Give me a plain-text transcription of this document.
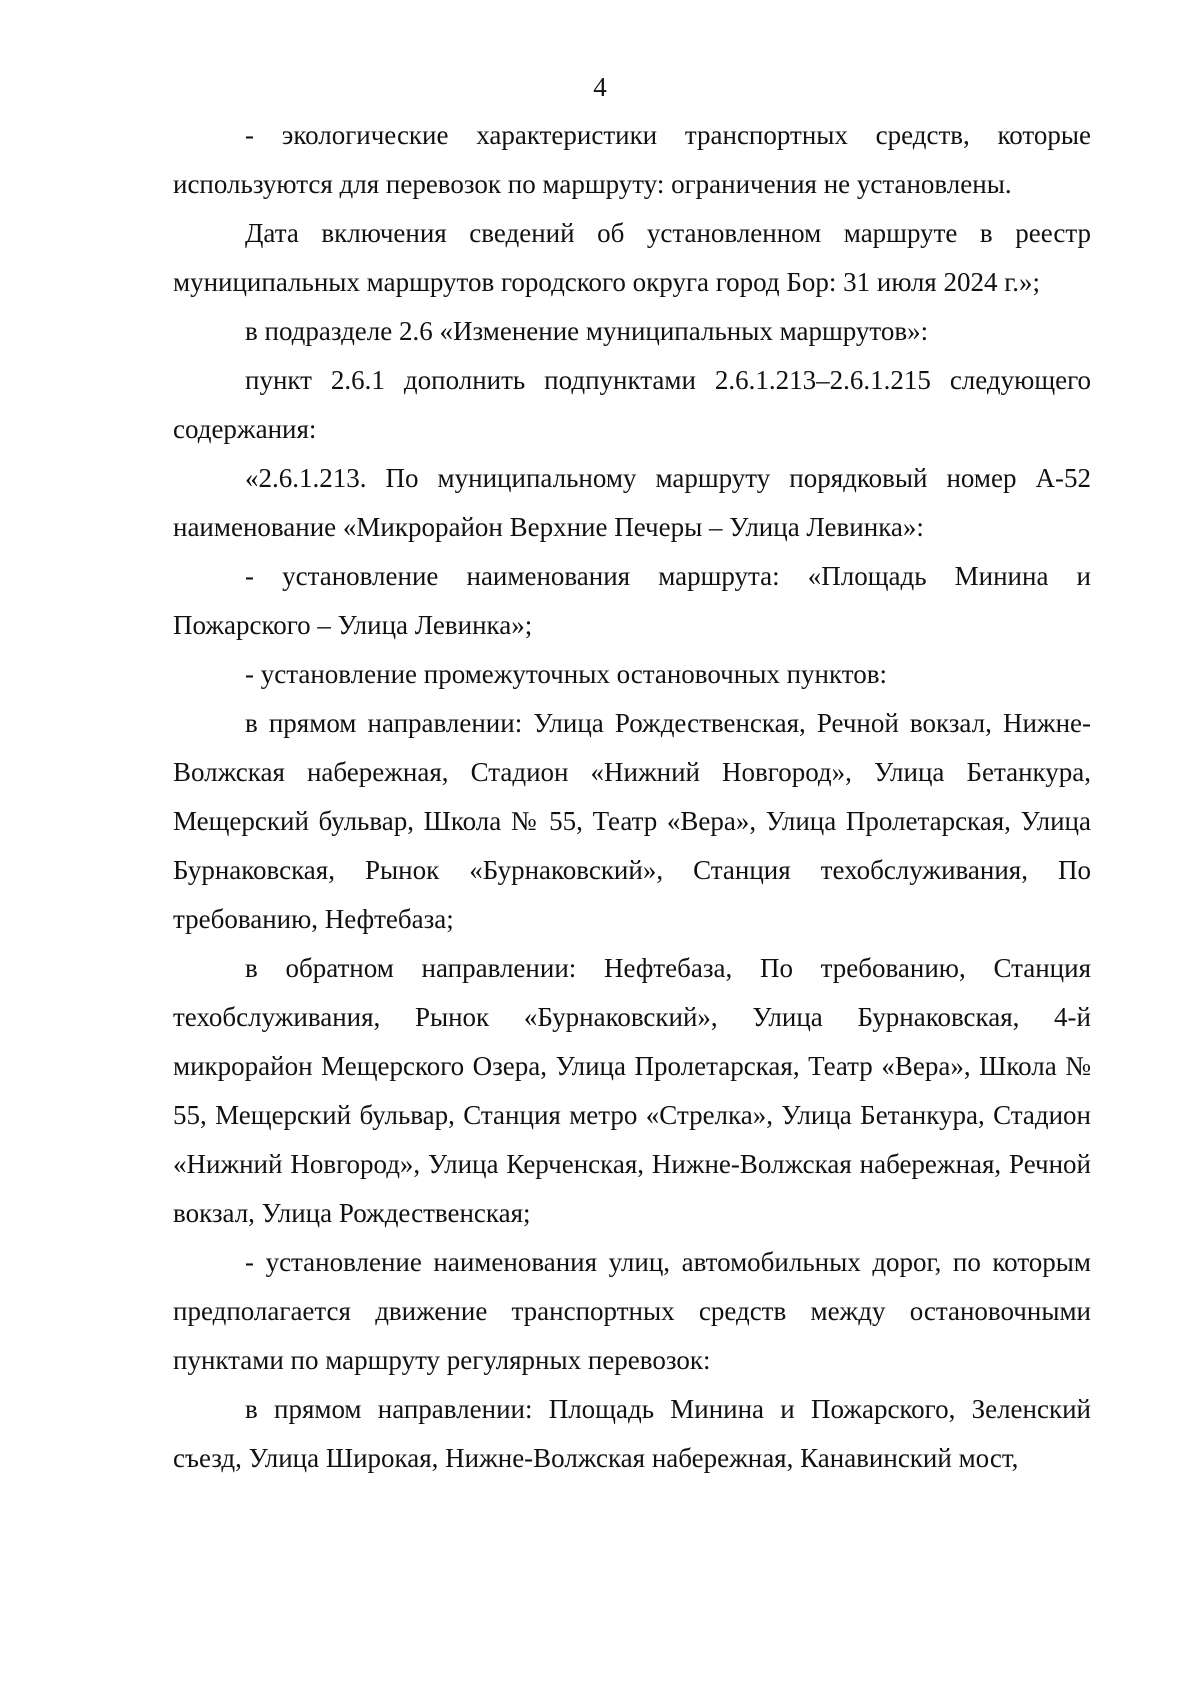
4

- экологические характеристики транспортных средств, которые используются для перевозок по маршруту: ограничения не установлены.

Дата включения сведений об установленном маршруте в реестр муниципальных маршрутов городского округа город Бор: 31 июля 2024 г.»;

в подразделе 2.6 «Изменение муниципальных маршрутов»:

пункт 2.6.1 дополнить подпунктами 2.6.1.213–2.6.1.215 следующего содержания:

«2.6.1.213. По муниципальному маршруту порядковый номер А-52 наименование «Микрорайон Верхние Печеры – Улица Левинка»:

- установление наименования маршрута: «Площадь Минина и Пожарского – Улица Левинка»;

- установление промежуточных остановочных пунктов:

в прямом направлении: Улица Рождественская, Речной вокзал, Нижне-Волжская набережная, Стадион «Нижний Новгород», Улица Бетанкура, Мещерский бульвар, Школа № 55, Театр «Вера», Улица Пролетарская, Улица Бурнаковская, Рынок «Бурнаковский», Станция техобслуживания, По требованию, Нефтебаза;

в обратном направлении: Нефтебаза, По требованию, Станция техобслуживания, Рынок «Бурнаковский», Улица Бурнаковская, 4-й микрорайон Мещерского Озера, Улица Пролетарская, Театр «Вера», Школа № 55, Мещерский бульвар, Станция метро «Стрелка», Улица Бетанкура, Стадион «Нижний Новгород», Улица Керченская, Нижне-Волжская набережная, Речной вокзал, Улица Рождественская;

- установление наименования улиц, автомобильных дорог, по которым предполагается движение транспортных средств между остановочными пунктами по маршруту регулярных перевозок:

в прямом направлении: Площадь Минина и Пожарского, Зеленский съезд, Улица Широкая, Нижне-Волжская набережная, Канавинский мост,
